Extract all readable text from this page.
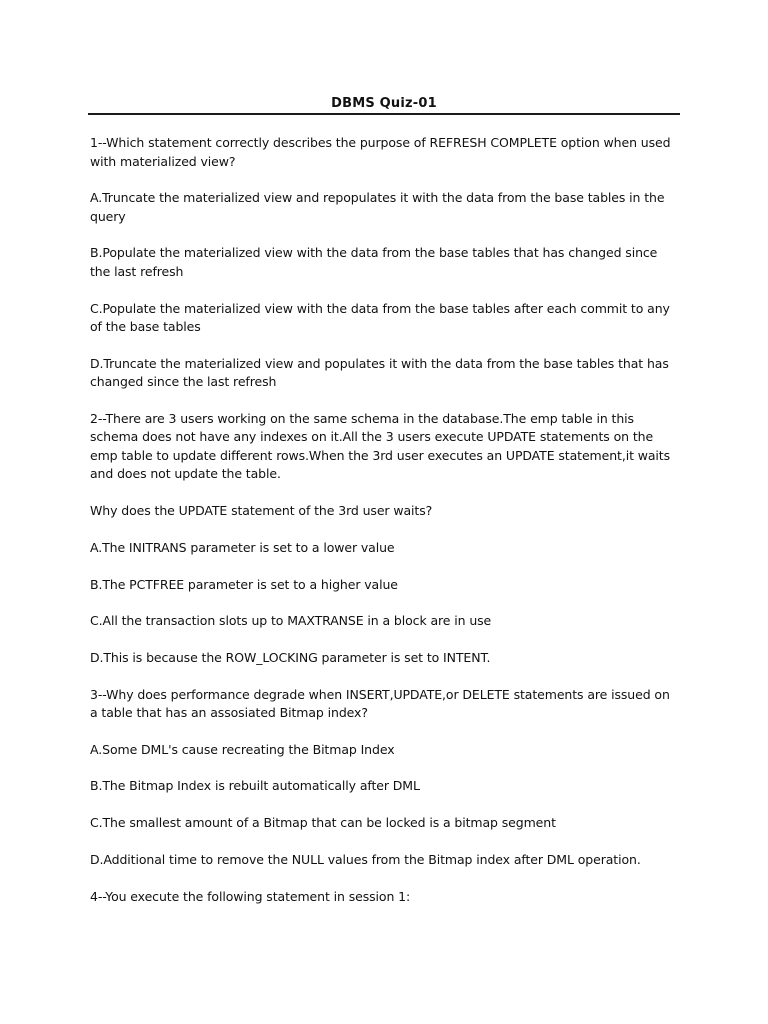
DBMS Quiz-01

1--Which statement correctly describes the purpose of REFRESH COMPLETE option when used with materialized view?

A.Truncate the materialized view and repopulates it with the data from the base tables in the query

B.Populate the materialized view with the data from the base tables that has changed since the last refresh

C.Populate the materialized view with the data from the base tables after each commit to any of the base tables

D.Truncate the materialized view and populates it with the data from the base tables that has changed since the last refresh

2--There are 3 users working on the same schema in the database.The emp table in this schema does not have any indexes on it.All the 3 users execute UPDATE statements on the emp table to update different rows.When the 3rd user executes an UPDATE statement,it waits and does not update the table.

Why does the UPDATE statement of the 3rd user waits?

A.The INITRANS parameter is set to a lower value

B.The PCTFREE parameter is set to a higher value

C.All the transaction slots up to MAXTRANSE in a block are in use

D.This is because the ROW_LOCKING parameter is set to INTENT.

3--Why does performance degrade when INSERT,UPDATE,or DELETE statements are issued on a table that has an assosiated Bitmap index?

A.Some DML's cause recreating the Bitmap Index

B.The Bitmap Index is rebuilt automatically after DML

C.The smallest amount of a Bitmap that can be locked is a bitmap segment

D.Additional time to remove the NULL values from the Bitmap index after DML operation.

4--You execute the following statement in session 1:
